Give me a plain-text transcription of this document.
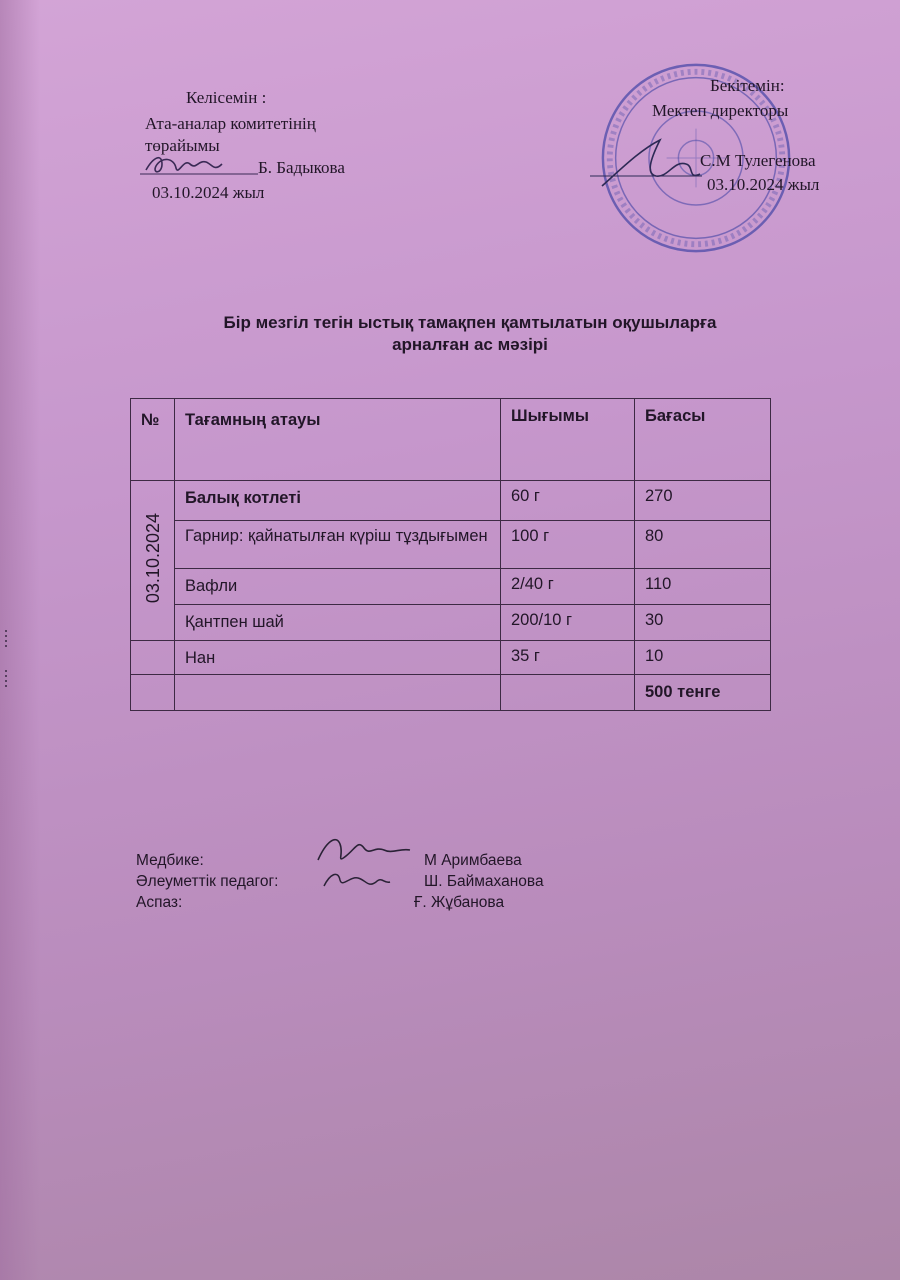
Келісемін :
Ата-аналар комитетінің
төрайымы
Б. Бадыкова
03.10.2024 жыл
Бекітемін:
Мектеп директоры
С.М Тулегенова
03.10.2024 жыл
Бір мезгіл тегін ыстық тамақпен қамтылатын оқушыларға
арналған ас мәзірі
№	Тағамның атауы	Шығымы	Бағасы
03.10.2024	Балық котлеті	60 г	270
	Гарнир: қайнатылған күріш тұздығымен	100 г	80
	Вафли	2/40 г	110
	Қантпен шай	200/10 г	30
	Нан	35 г	10
			500 тенге
Медбике:
Әлеуметтік педагог:
Аспаз:
М Аримбаева
Ш. Баймаханова
Ғ. Жұбанова
